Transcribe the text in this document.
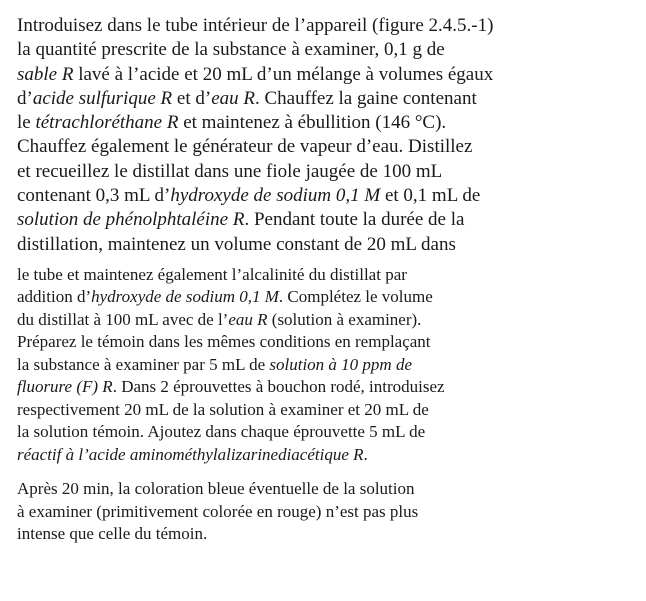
Introduisez dans le tube intérieur de l’appareil (figure 2.4.5.-1)
la quantité prescrite de la substance à examiner, 0,1 g de
sable R lavé à l’acide et 20 mL d’un mélange à volumes égaux
d’acide sulfurique R et d’eau R. Chauffez la gaine contenant
le tétrachloréthane R et maintenez à ébullition (146 °C).
Chauffez également le générateur de vapeur d’eau. Distillez
et recueillez le distillat dans une fiole jaugée de 100 mL
contenant 0,3 mL d’hydroxyde de sodium 0,1 M et 0,1 mL de
solution de phénolphtaléine R. Pendant toute la durée de la
distillation, maintenez un volume constant de 20 mL dans

le tube et maintenez également l’alcalinité du distillat par
addition d’hydroxyde de sodium 0,1 M. Complétez le volume
du distillat à 100 mL avec de l’eau R (solution à examiner).
Préparez le témoin dans les mêmes conditions en remplaçant
la substance à examiner par 5 mL de solution à 10 ppm de
fluorure (F) R. Dans 2 éprouvettes à bouchon rodé, introduisez
respectivement 20 mL de la solution à examiner et 20 mL de
la solution témoin. Ajoutez dans chaque éprouvette 5 mL de
réactif à l’acide aminométhylalizarinediacétique R.

Après 20 min, la coloration bleue éventuelle de la solution
à examiner (primitivement colorée en rouge) n’est pas plus
intense que celle du témoin.
